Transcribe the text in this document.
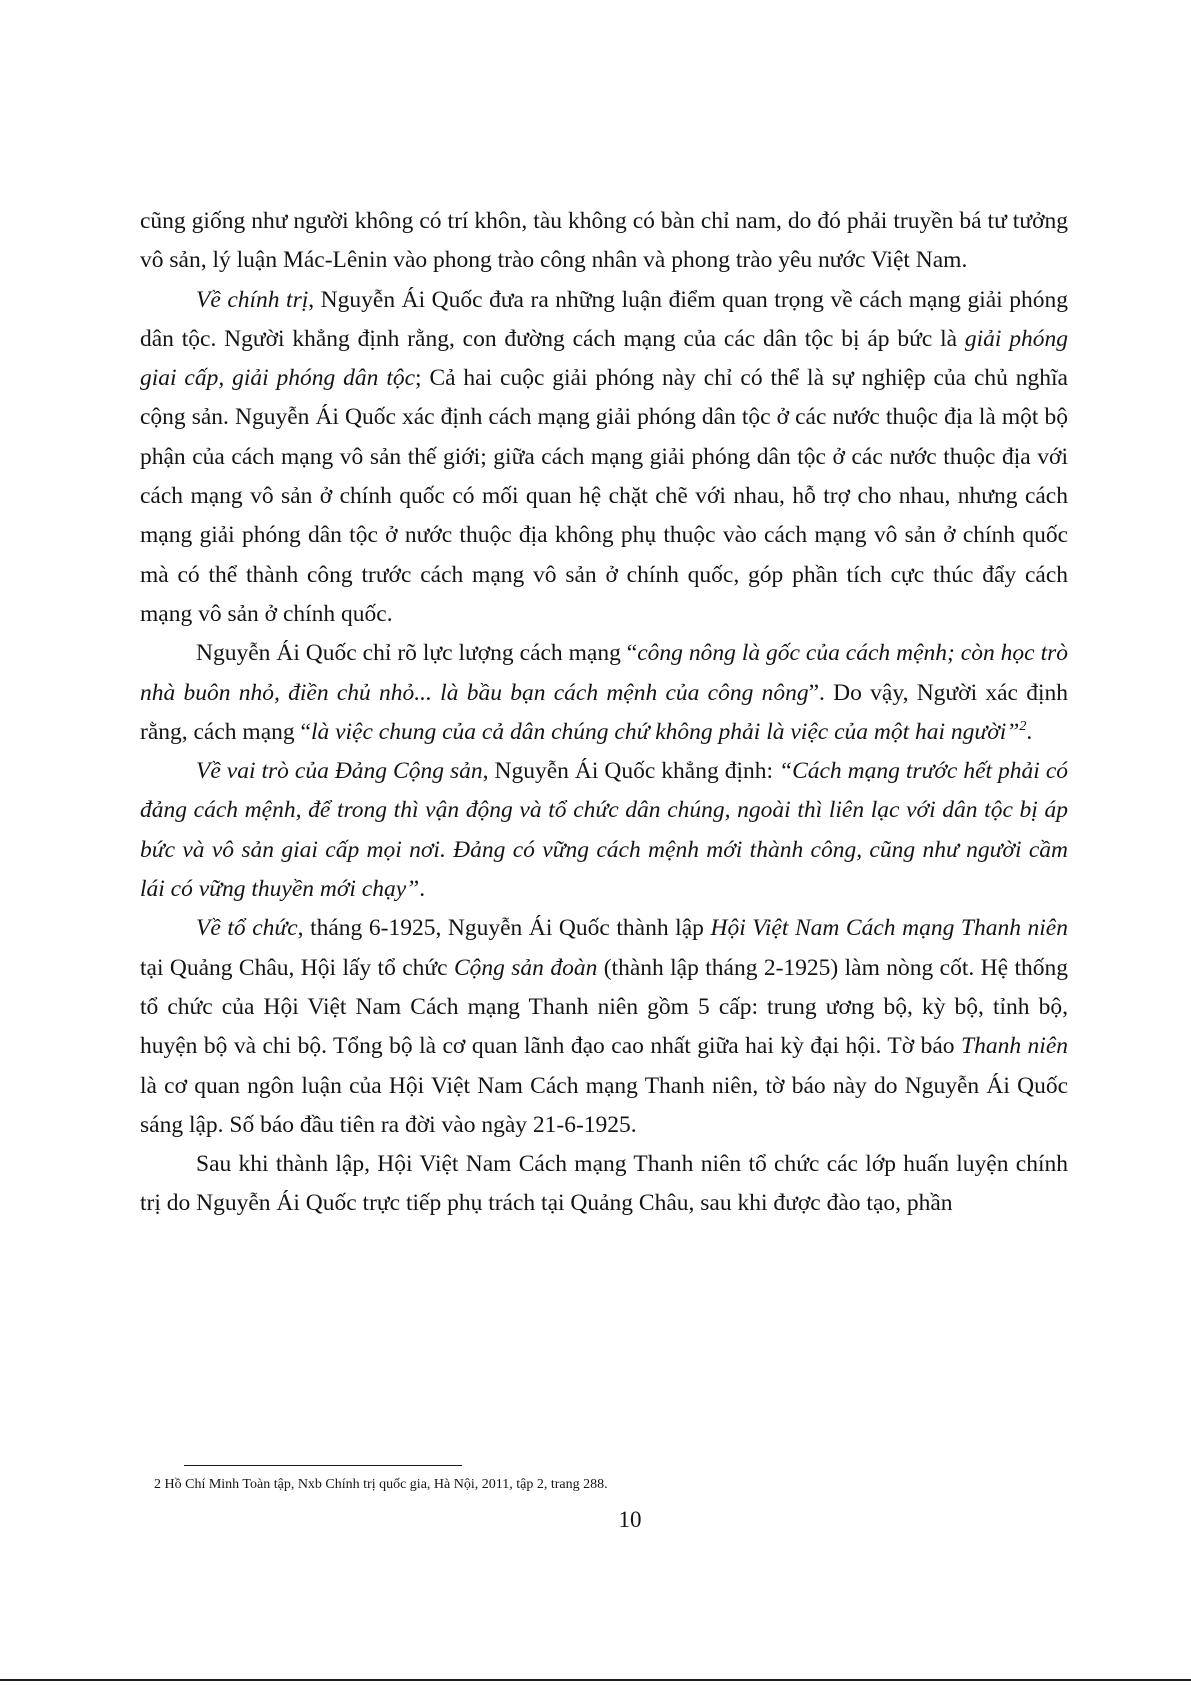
cũng giống như người không có trí khôn, tàu không có bàn chỉ nam, do đó phải truyền bá tư tưởng vô sản, lý luận Mác-Lênin vào phong trào công nhân và phong trào yêu nước Việt Nam.

Về chính trị, Nguyễn Ái Quốc đưa ra những luận điểm quan trọng về cách mạng giải phóng dân tộc. Người khẳng định rằng, con đường cách mạng của các dân tộc bị áp bức là giải phóng giai cấp, giải phóng dân tộc; Cả hai cuộc giải phóng này chỉ có thể là sự nghiệp của chủ nghĩa cộng sản. Nguyễn Ái Quốc xác định cách mạng giải phóng dân tộc ở các nước thuộc địa là một bộ phận của cách mạng vô sản thế giới; giữa cách mạng giải phóng dân tộc ở các nước thuộc địa với cách mạng vô sản ở chính quốc có mối quan hệ chặt chẽ với nhau, hỗ trợ cho nhau, nhưng cách mạng giải phóng dân tộc ở nước thuộc địa không phụ thuộc vào cách mạng vô sản ở chính quốc mà có thể thành công trước cách mạng vô sản ở chính quốc, góp phần tích cực thúc đẩy cách mạng vô sản ở chính quốc.

Nguyễn Ái Quốc chỉ rõ lực lượng cách mạng “công nông là gốc của cách mệnh; còn học trò nhà buôn nhỏ, điền chủ nhỏ... là bầu bạn cách mệnh của công nông”. Do vậy, Người xác định rằng, cách mạng “là việc chung của cả dân chúng chứ không phải là việc của một hai người”$^2$.

Về vai trò của Đảng Cộng sản, Nguyễn Ái Quốc khẳng định: “Cách mạng trước hết phải có đảng cách mệnh, để trong thì vận động và tổ chức dân chúng, ngoài thì liên lạc với dân tộc bị áp bức và vô sản giai cấp mọi nơi. Đảng có vững cách mệnh mới thành công, cũng như người cầm lái có vững thuyền mới chạy”.

Về tổ chức, tháng 6-1925, Nguyễn Ái Quốc thành lập Hội Việt Nam Cách mạng Thanh niên tại Quảng Châu, Hội lấy tổ chức Cộng sản đoàn (thành lập tháng 2-1925) làm nòng cốt. Hệ thống tổ chức của Hội Việt Nam Cách mạng Thanh niên gồm 5 cấp: trung ương bộ, kỳ bộ, tỉnh bộ, huyện bộ và chi bộ. Tổng bộ là cơ quan lãnh đạo cao nhất giữa hai kỳ đại hội. Tờ báo Thanh niên là cơ quan ngôn luận của Hội Việt Nam Cách mạng Thanh niên, tờ báo này do Nguyễn Ái Quốc sáng lập. Số báo đầu tiên ra đời vào ngày 21-6-1925.

Sau khi thành lập, Hội Việt Nam Cách mạng Thanh niên tổ chức các lớp huấn luyện chính trị do Nguyễn Ái Quốc trực tiếp phụ trách tại Quảng Châu, sau khi được đào tạo, phần

2 Hồ Chí Minh Toàn tập, Nxb Chính trị quốc gia, Hà Nội, 2011, tập 2, trang 288.
10
